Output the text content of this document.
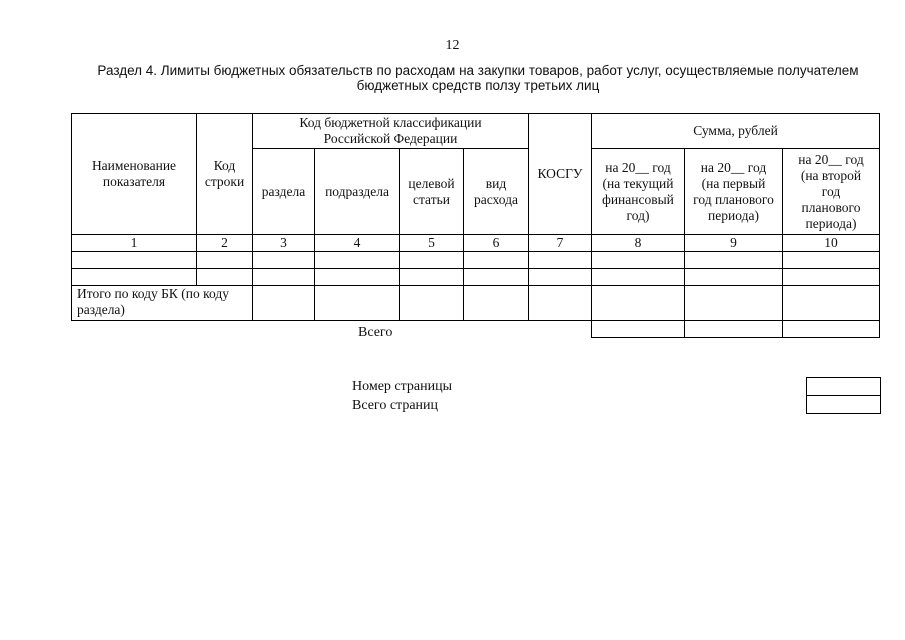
12
Раздел 4. Лимиты бюджетных обязательств по расходам на закупки товаров, работ услуг, осуществляемые получателем
бюджетных средств ползу третьих лиц
Наименование показателя	Код строки	Код бюджетной классификации Российской Федерации				КОСГУ	Сумма, рублей		
		раздела	подраздела	целевой статьи	вид расхода		на 20__ год (на текущий финансовый год)	на 20__ год (на первый год планового периода)	на 20__ год (на второй год планового периода)
1	2	3	4	5	6	7	8	9	10

Итого по коду БК (по коду раздела)									

Всего
Номер страницы
Всего страниц
